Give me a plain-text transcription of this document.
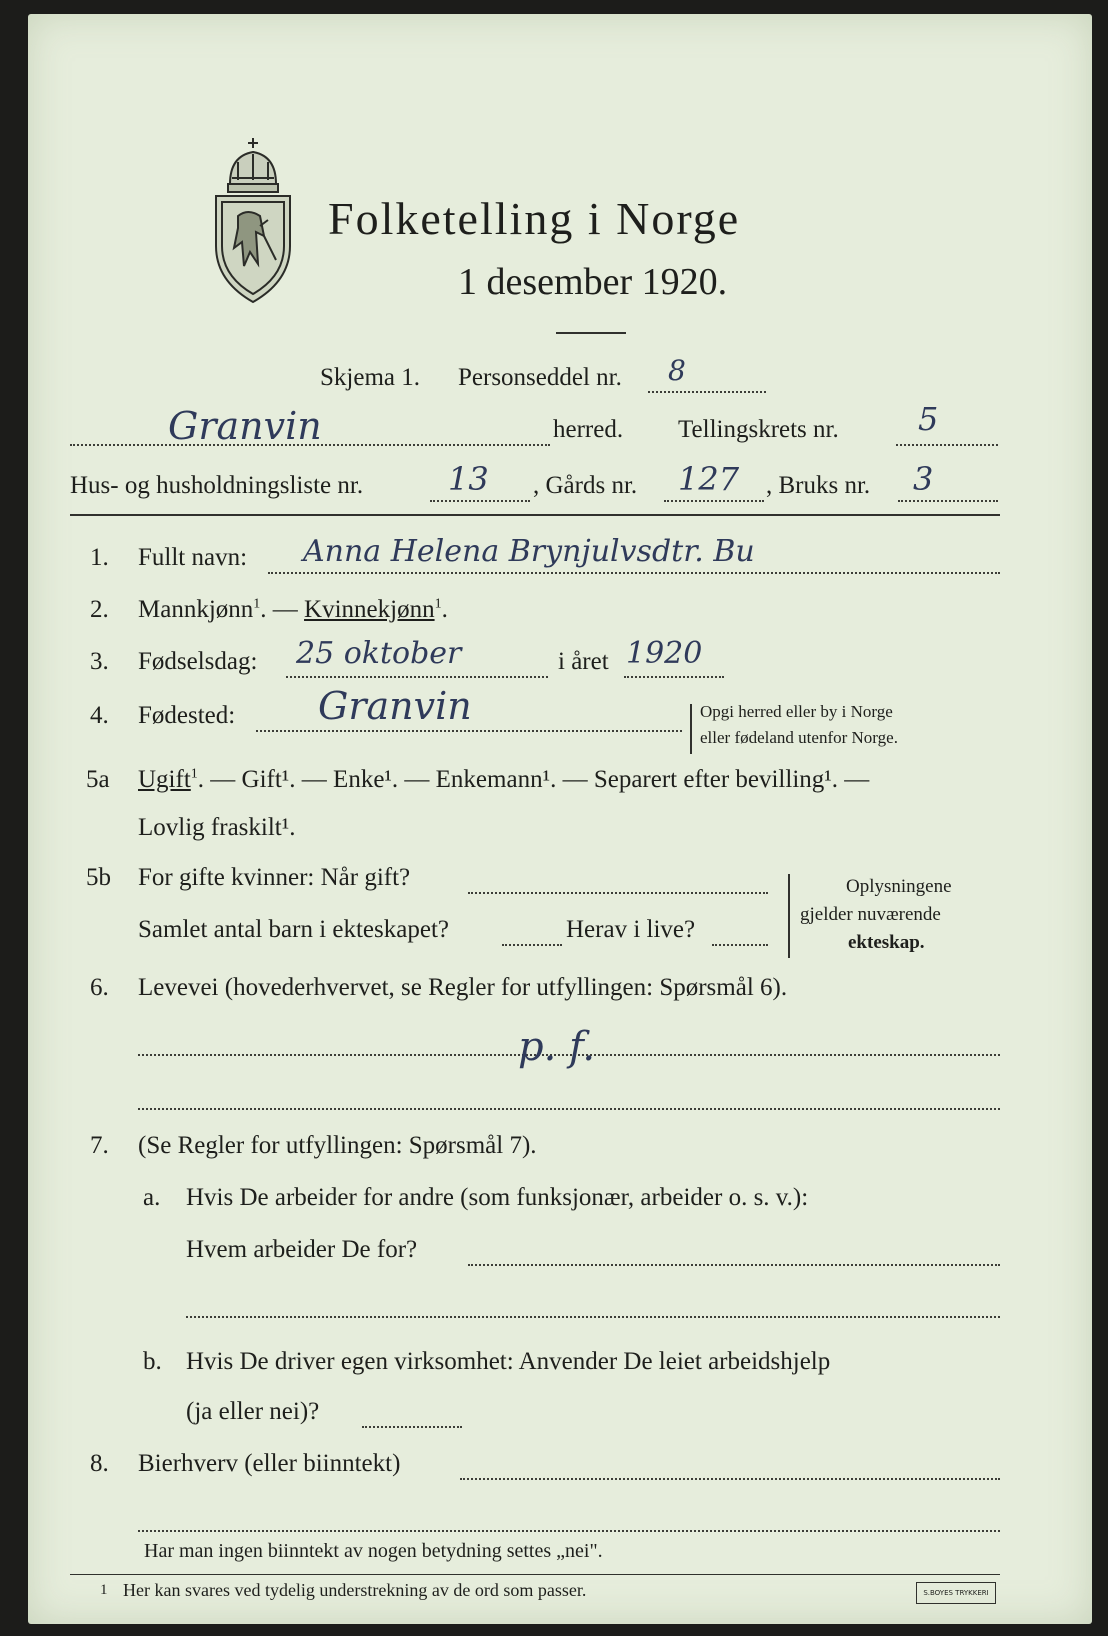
Folketelling i Norge
1 desember 1920.
Skjema 1. Personseddel nr. 8
Granvin	herred. Tellingskrets nr. 5
Hus- og husholdningsliste nr.	13 , Gårds nr. 127 , Bruks nr. 3
1. Fullt navn: Anna Helena Brynjulvsdtr. Bu
2. Mannkjønn$^1$. — Kvinnekjønn$^1$.
3. Fødselsdag: 25 oktober	i året 1920
4. Fødested: Granvin	Opgi herred eller by i Norge
eller fødeland utenfor Norge.
5a Ugift$^1$. — Gift¹. — Enke¹. — Enkemann¹. — Separert efter bevilling¹. —
Lovlig fraskilt¹.
5b For gifte kvinner: Når gift?
Samlet antal barn i ekteskapet?	Herav i live?
Oplysningene
gjelder nuværende
ekteskap.
6. Levevei (hovederhvervet, se Regler for utfyllingen: Spørsmål 6).
p. f.
7. (Se Regler for utfyllingen: Spørsmål 7).
a. Hvis De arbeider for andre (som funksjonær, arbeider o. s. v.):
Hvem arbeider De for?
b. Hvis De driver egen virksomhet: Anvender De leiet arbeidshjelp
(ja eller nei)?
8. Bierhverv (eller biinntekt)
Har man ingen biinntekt av nogen betydning settes „nei".
1 Her kan svares ved tydelig understrekning av de ord som passer.	S.BOYES TRYKKERI
